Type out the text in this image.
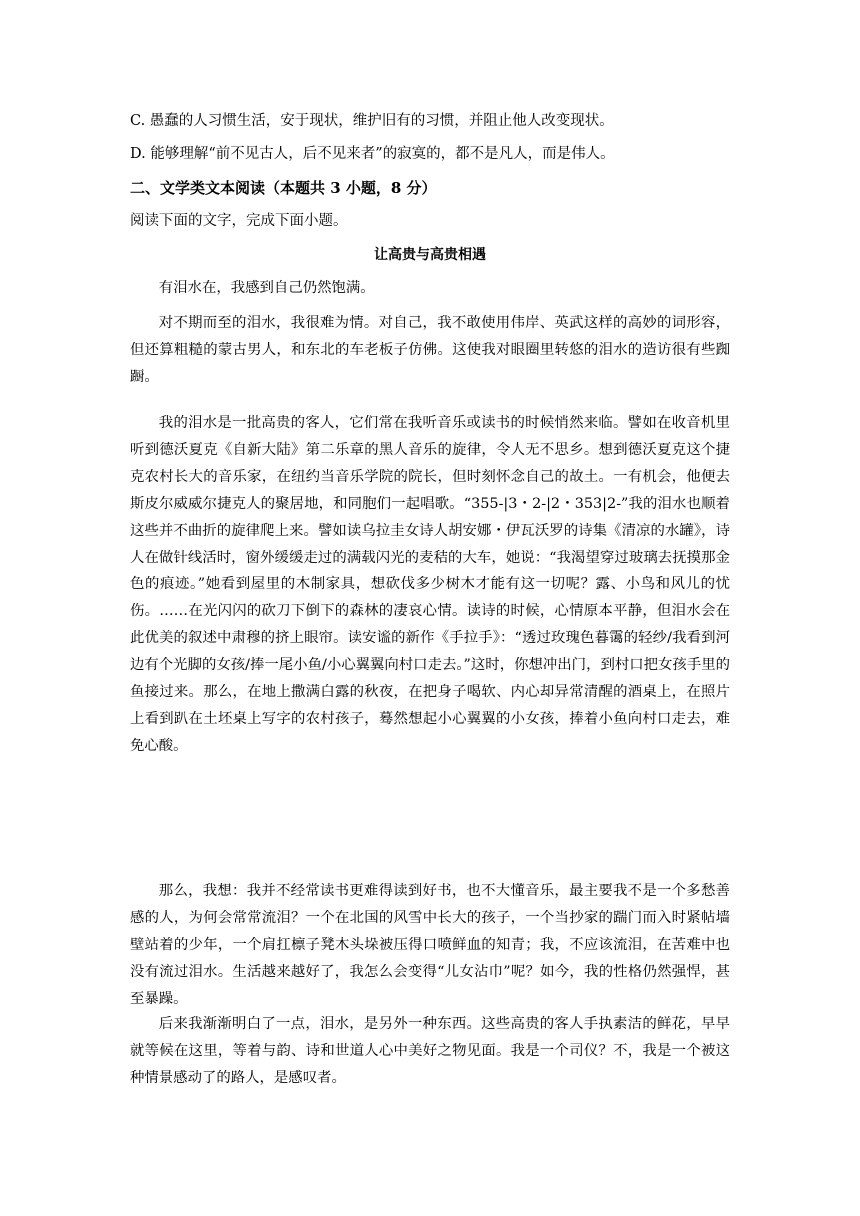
C. 愚蠢的人习惯生活，安于现状，维护旧有的习惯，并阻止他人改变现状。
D. 能够理解“前不见古人，后不见来者”的寂寞的，都不是凡人，而是伟人。
二、文学类文本阅读（本题共 3 小题，8 分）
阅读下面的文字，完成下面小题。
让高贵与高贵相遇

有泪水在，我感到自己仍然饱满。

对不期而至的泪水，我很难为情。对自己，我不敢使用伟岸、英武这样的高妙的词形容，但还算粗糙的蒙古男人，和东北的车老板子仿佛。这使我对眼圈里转悠的泪水的造访很有些踟蹰。

我的泪水是一批高贵的客人，它们常在我听音乐或读书的时候悄然来临。譬如在收音机里听到德沃夏克《自新大陆》第二乐章的黑人音乐的旋律，令人无不思乡。想到德沃夏克这个捷克农村长大的音乐家，在纽约当音乐学院的院长，但时刻怀念自己的故土。一有机会，他便去斯皮尔威威尔捷克人的聚居地，和同胞们一起唱歌。“355-|3・2-|2・353|2-”我的泪水也顺着这些并不曲折的旋律爬上来。譬如读乌拉圭女诗人胡安娜・伊瓦沃罗的诗集《清凉的水罐》，诗人在做针线活时，窗外缓缓走过的满载闪光的麦秸的大车，她说：“我渴望穿过玻璃去抚摸那金色的痕迹。”她看到屋里的木制家具，想砍伐多少树木才能有这一切呢？露、小鸟和风儿的忧伤。……在光闪闪的砍刀下倒下的森林的凄哀心情。读诗的时候，心情原本平静，但泪水会在此优美的叙述中肃穆的挤上眼帘。读安谧的新作《手拉手》：“透过玫瑰色暮霭的轻纱/我看到河边有个光脚的女孩/捧一尾小鱼/小心翼翼向村口走去。”这时，你想冲出门，到村口把女孩手里的鱼接过来。那么，在地上撒满白露的秋夜，在把身子喝软、内心却异常清醒的酒桌上，在照片上看到趴在土坯桌上写字的农村孩子，蓦然想起小心翼翼的小女孩，捧着小鱼向村口走去，难免心酸。

那么，我想：我并不经常读书更难得读到好书，也不大懂音乐，最主要我不是一个多愁善感的人，为何会常常流泪？一个在北国的风雪中长大的孩子，一个当抄家的踹门而入时紧帖墙壁站着的少年，一个肩扛檩子凳木头垛被压得口喷鲜血的知青；我，不应该流泪，在苦难中也没有流过泪水。生活越来越好了，我怎么会变得“儿女沾巾”呢？如今，我的性格仍然强悍，甚至暴躁。

后来我渐渐明白了一点，泪水，是另外一种东西。这些高贵的客人手执素洁的鲜花，早早就等候在这里，等着与韵、诗和世道人心中美好之物见面。我是一个司仪？不，我是一个被这种情景感动了的路人，是感叹者。
